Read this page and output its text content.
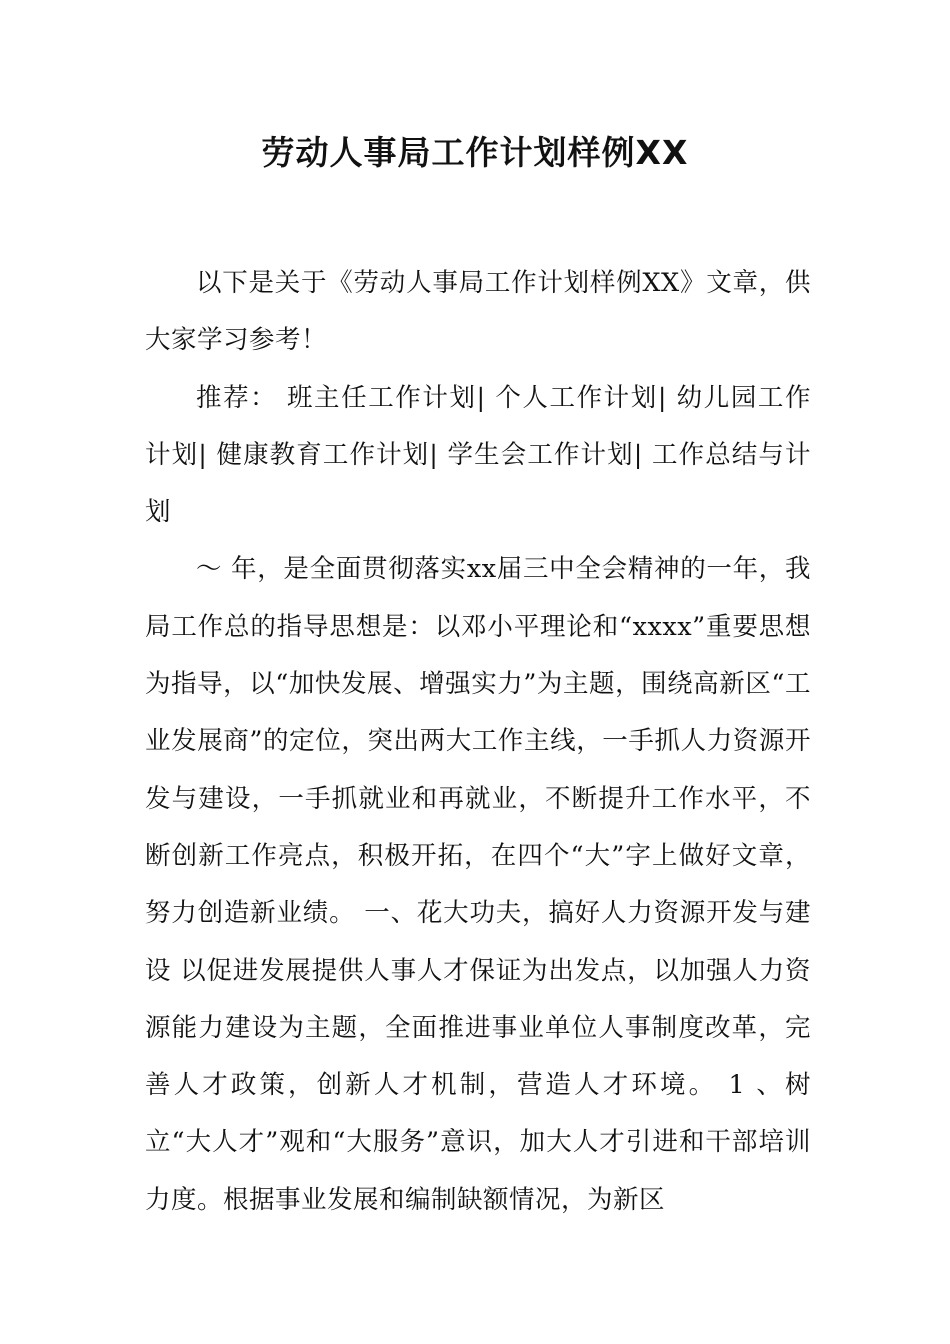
劳动人事局工作计划样例XX

以下是关于《劳动人事局工作计划样例XX》文章，供大家学习参考！

推荐： 班主任工作计划| 个人工作计划| 幼儿园工作计划| 健康教育工作计划| 学生会工作计划| 工作总结与计划

～ 年，是全面贯彻落实xx届三中全会精神的一年，我局工作总的指导思想是：以邓小平理论和“xxxx”重要思想为指导，以“加快发展、增强实力”为主题，围绕高新区“工业发展商”的定位，突出两大工作主线，一手抓人力资源开发与建设，一手抓就业和再就业，不断提升工作水平，不断创新工作亮点，积极开拓，在四个“大”字上做好文章，努力创造新业绩。 一、花大功夫，搞好人力资源开发与建设 以促进发展提供人事人才保证为出发点，以加强人力资源能力建设为主题，全面推进事业单位人事制度改革，完善人才政策，创新人才机制，营造人才环境。 1 、树立“大人才”观和“大服务”意识，加大人才引进和干部培训力度。根据事业发展和编制缺额情况，为新区
